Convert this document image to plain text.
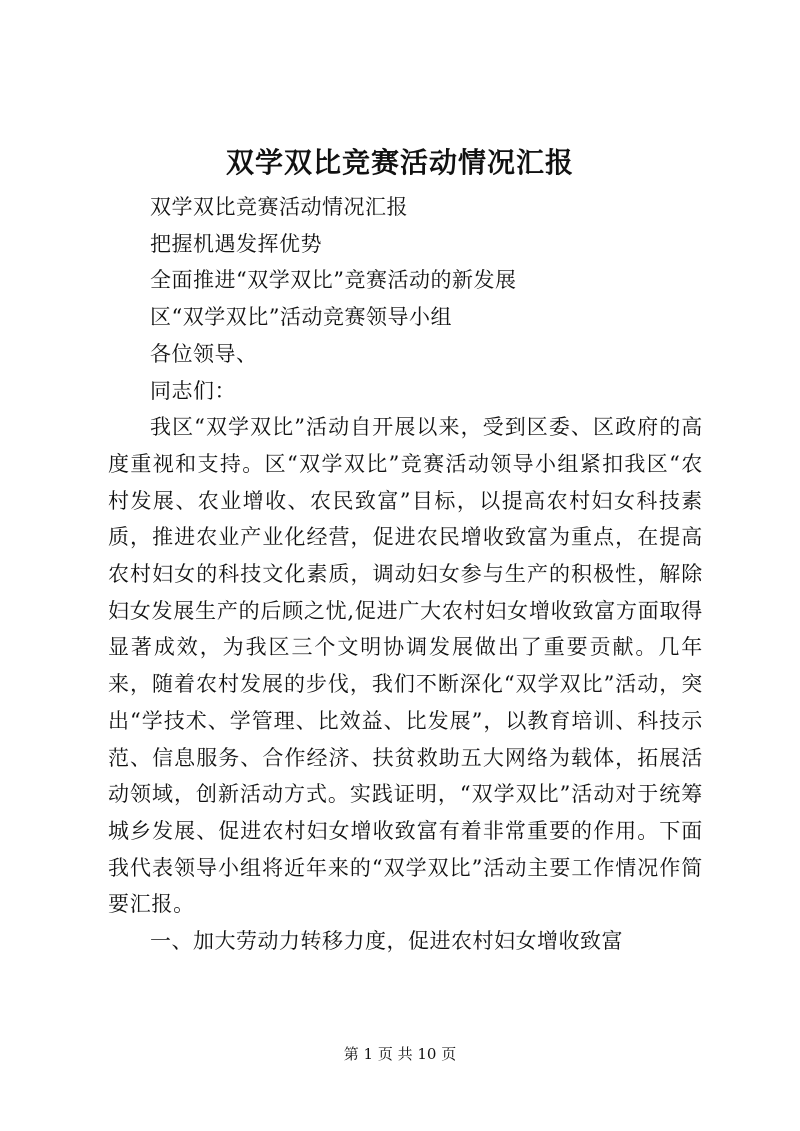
双学双比竞赛活动情况汇报
双学双比竞赛活动情况汇报
把握机遇发挥优势
全面推进“双学双比”竞赛活动的新发展
区“双学双比”活动竞赛领导小组
各位领导、
同志们：

我区“双学双比”活动自开展以来，受到区委、区政府的高度重视和支持。区“双学双比”竞赛活动领导小组紧扣我区“农村发展、农业增收、农民致富”目标，以提高农村妇女科技素质，推进农业产业化经营，促进农民增收致富为重点，在提高农村妇女的科技文化素质，调动妇女参与生产的积极性，解除妇女发展生产的后顾之忧,促进广大农村妇女增收致富方面取得显著成效，为我区三个文明协调发展做出了重要贡献。几年来，随着农村发展的步伐，我们不断深化“双学双比”活动，突出“学技术、学管理、比效益、比发展”，以教育培训、科技示范、信息服务、合作经济、扶贫救助五大网络为载体，拓展活动领域，创新活动方式。实践证明，“双学双比”活动对于统筹城乡发展、促进农村妇女增收致富有着非常重要的作用。下面我代表领导小组将近年来的“双学双比”活动主要工作情况作简要汇报。

一、加大劳动力转移力度，促进农村妇女增收致富
第 1 页 共 10 页
